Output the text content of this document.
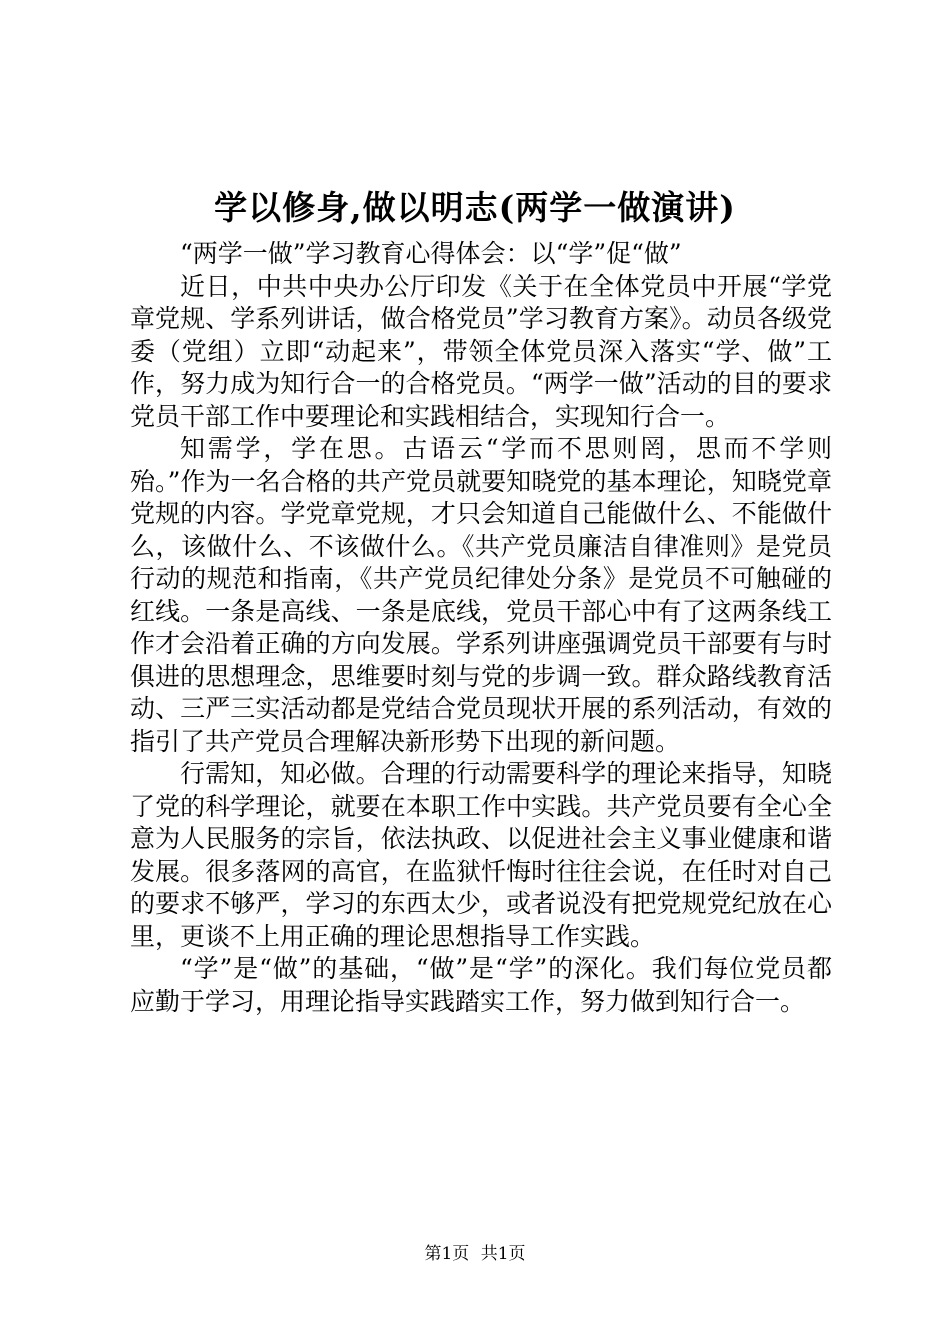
学以修身,做以明志(两学一做演讲)

“两学一做”学习教育心得体会：以“学”促“做”

近日，中共中央办公厅印发《关于在全体党员中开展“学党章党规、学系列讲话，做合格党员”学习教育方案》。动员各级党委（党组）立即“动起来”，带领全体党员深入落实“学、做”工作，努力成为知行合一的合格党员。“两学一做”活动的目的要求党员干部工作中要理论和实践相结合，实现知行合一。

知需学，学在思。古语云“学而不思则罔，思而不学则殆。”作为一名合格的共产党员就要知晓党的基本理论，知晓党章党规的内容。学党章党规，才只会知道自己能做什么、不能做什么，该做什么、不该做什么。《共产党员廉洁自律准则》是党员行动的规范和指南，《共产党员纪律处分条》是党员不可触碰的红线。一条是高线、一条是底线，党员干部心中有了这两条线工作才会沿着正确的方向发展。学系列讲座强调党员干部要有与时俱进的思想理念，思维要时刻与党的步调一致。群众路线教育活动、三严三实活动都是党结合党员现状开展的系列活动，有效的指引了共产党员合理解决新形势下出现的新问题。

行需知，知必做。合理的行动需要科学的理论来指导，知晓了党的科学理论，就要在本职工作中实践。共产党员要有全心全意为人民服务的宗旨，依法执政、以促进社会主义事业健康和谐发展。很多落网的高官，在监狱忏悔时往往会说，在任时对自己的要求不够严，学习的东西太少，或者说没有把党规党纪放在心里，更谈不上用正确的理论思想指导工作实践。

“学”是“做”的基础，“做”是“学”的深化。我们每位党员都应勤于学习，用理论指导实践踏实工作，努力做到知行合一。

第1页 共1页
